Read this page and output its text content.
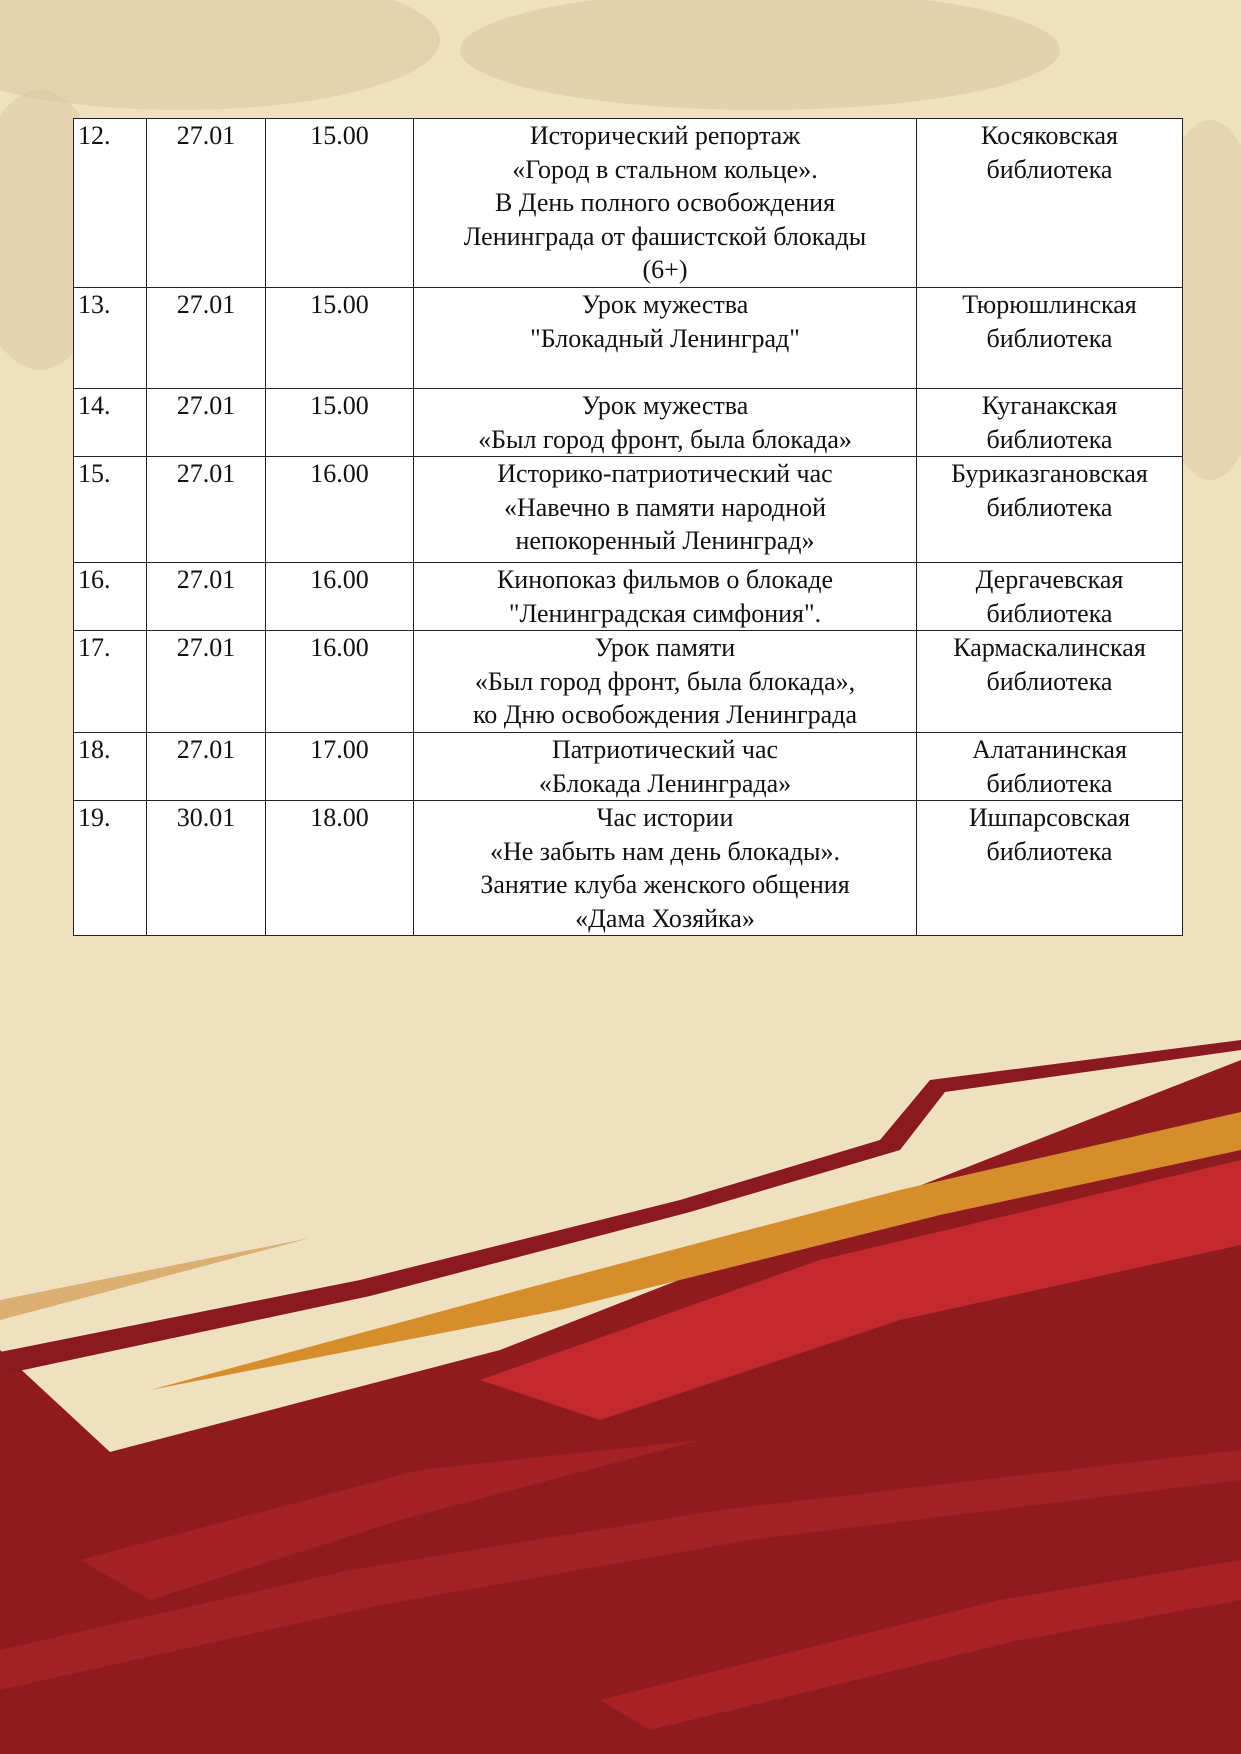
12.	27.01	15.00	Исторический репортаж
«Город в стальном кольце».
В День полного освобождения
Ленинграда от фашистской блокады
(6+)	Косяковская
библиотека
13.	27.01	15.00	Урок мужества
"Блокадный Ленинград"	Тюрюшлинская
библиотека
14.	27.01	15.00	Урок мужества
«Был город фронт, была блокада»	Куганакская
библиотека
15.	27.01	16.00	Историко-патриотический час
«Навечно в памяти народной
непокоренный Ленинград»	Буриказгановская
библиотека
16.	27.01	16.00	Кинопоказ фильмов о блокаде
"Ленинградская симфония".	Дергачевская
библиотека
17.	27.01	16.00	Урок памяти
«Был город фронт, была блокада»,
ко Дню освобождения Ленинграда	Кармаскалинская
библиотека
18.	27.01	17.00	Патриотический час
«Блокада Ленинграда»	Алатанинская
библиотека
19.	30.01	18.00	Час истории
«Не забыть нам день блокады».
Занятие клуба женского общения
«Дама Хозяйка»	Ишпарсовская
библиотека
